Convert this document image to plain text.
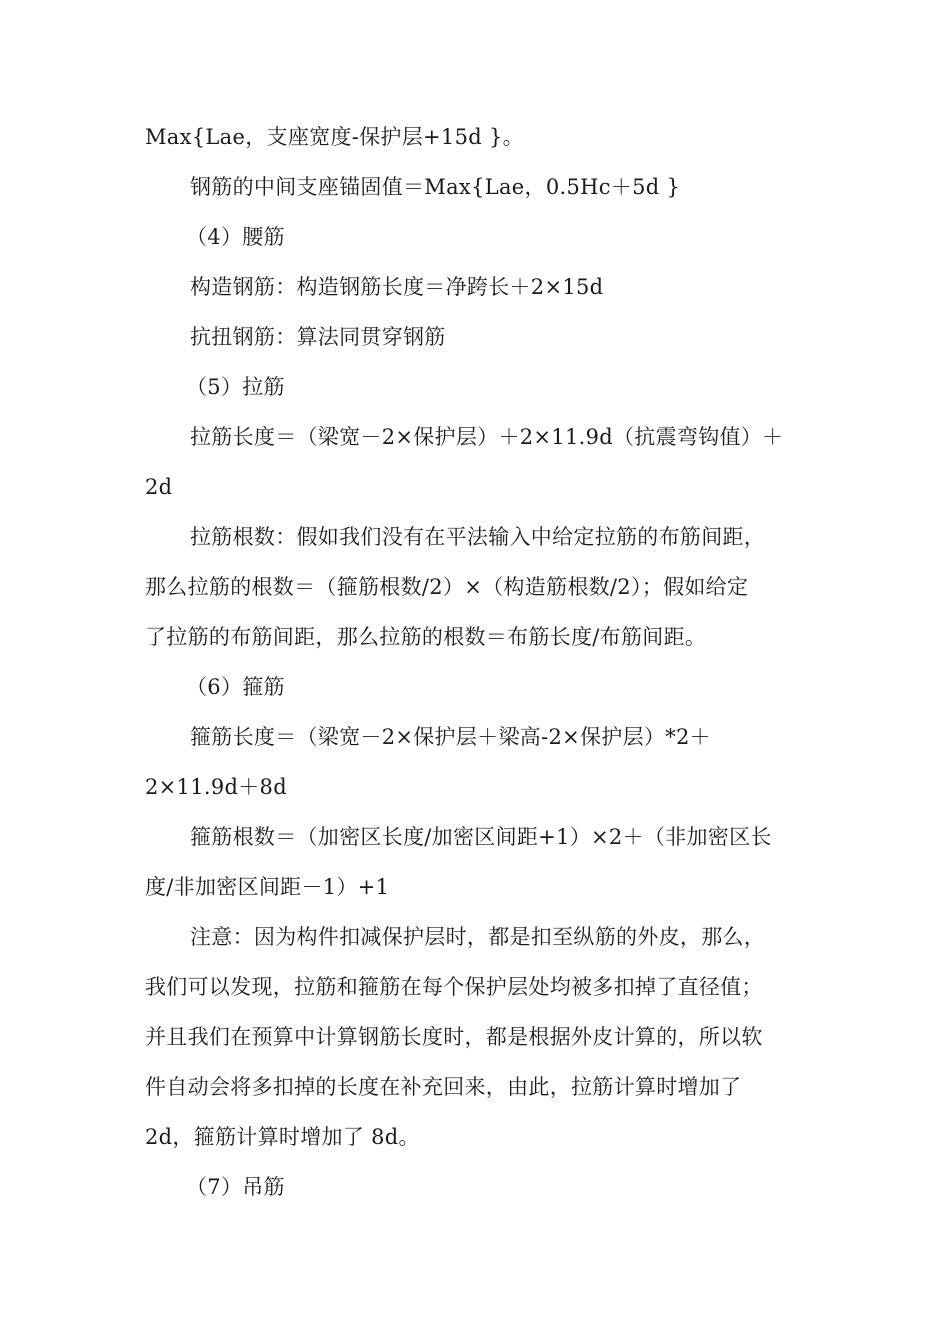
Max{Lae，支座宽度-保护层+15d }。
钢筋的中间支座锚固值＝Max{Lae，0.5Hc＋5d }
（4）腰筋
构造钢筋：构造钢筋长度＝净跨长＋2×15d
抗扭钢筋：算法同贯穿钢筋
（5）拉筋
拉筋长度＝（梁宽－2×保护层）＋2×11.9d（抗震弯钩值）＋
2d
拉筋根数：假如我们没有在平法输入中给定拉筋的布筋间距，
那么拉筋的根数＝（箍筋根数/2）×（构造筋根数/2）；假如给定
了拉筋的布筋间距，那么拉筋的根数＝布筋长度/布筋间距。
（6）箍筋
箍筋长度＝（梁宽－2×保护层＋梁高-2×保护层）*2＋
2×11.9d＋8d
箍筋根数＝（加密区长度/加密区间距+1）×2＋（非加密区长
度/非加密区间距－1）+1
注意：因为构件扣减保护层时，都是扣至纵筋的外皮，那么，
我们可以发现，拉筋和箍筋在每个保护层处均被多扣掉了直径值；
并且我们在预算中计算钢筋长度时，都是根据外皮计算的，所以软
件自动会将多扣掉的长度在补充回来，由此，拉筋计算时增加了
2d，箍筋计算时增加了 8d。
（7）吊筋
